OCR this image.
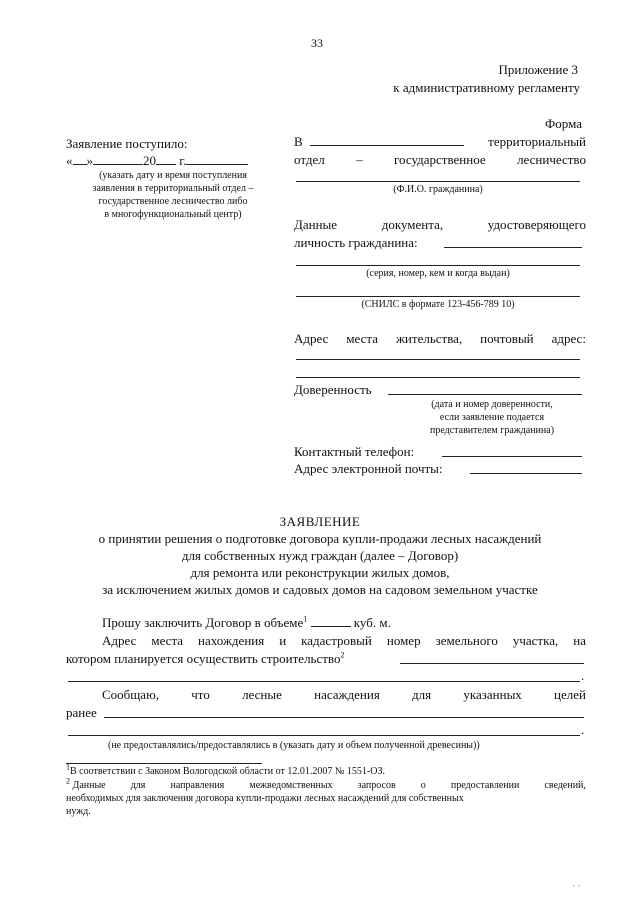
33
Приложение 3
к административному регламенту
Форма
Заявление поступило:
« »	20 г.
(указать дату и время поступления
заявления в территориальный отдел –
государственное лесничество либо
в многофункциональный центр)
В	территориальный
отдел – государственное лесничество
(Ф.И.О. гражданина)
Данные	документа,	удостоверяющего
личность гражданина:
(серия, номер, кем и когда выдан)
(СНИЛС в формате 123-456-789 10)
Адрес места жительства, почтовый адрес:
Доверенность
(дата и номер доверенности,
если заявление подается
представителем гражданина)
Контактный телефон:
Адрес электронной почты:
ЗАЯВЛЕНИЕ
о принятии решения о подготовке договора купли-продажи лесных насаждений
для собственных нужд граждан (далее – Договор)
для ремонта или реконструкции жилых домов,
за исключением жилых домов и садовых домов на садовом земельном участке
Прошу заключить Договор в объеме$^1$	куб. м.
Адрес места нахождения и кадастровый номер земельного участка, на
котором планируется осуществить строительство$^2$
.
Сообщаю, что лесные насаждения для указанных целей
ранее
.
(не предоставлялись/предоставлялись в (указать дату и объем полученной древесины))
$^1$В соответствии с Законом Вологодской области от 12.01.2007 № 1551-ОЗ.
$^2$ Данные	для	направления	межведомственных	запросов	о	предоставлении	сведений,
необходимых для заключения договора купли-продажи лесных насаждений для собственных
нужд.
· ·
